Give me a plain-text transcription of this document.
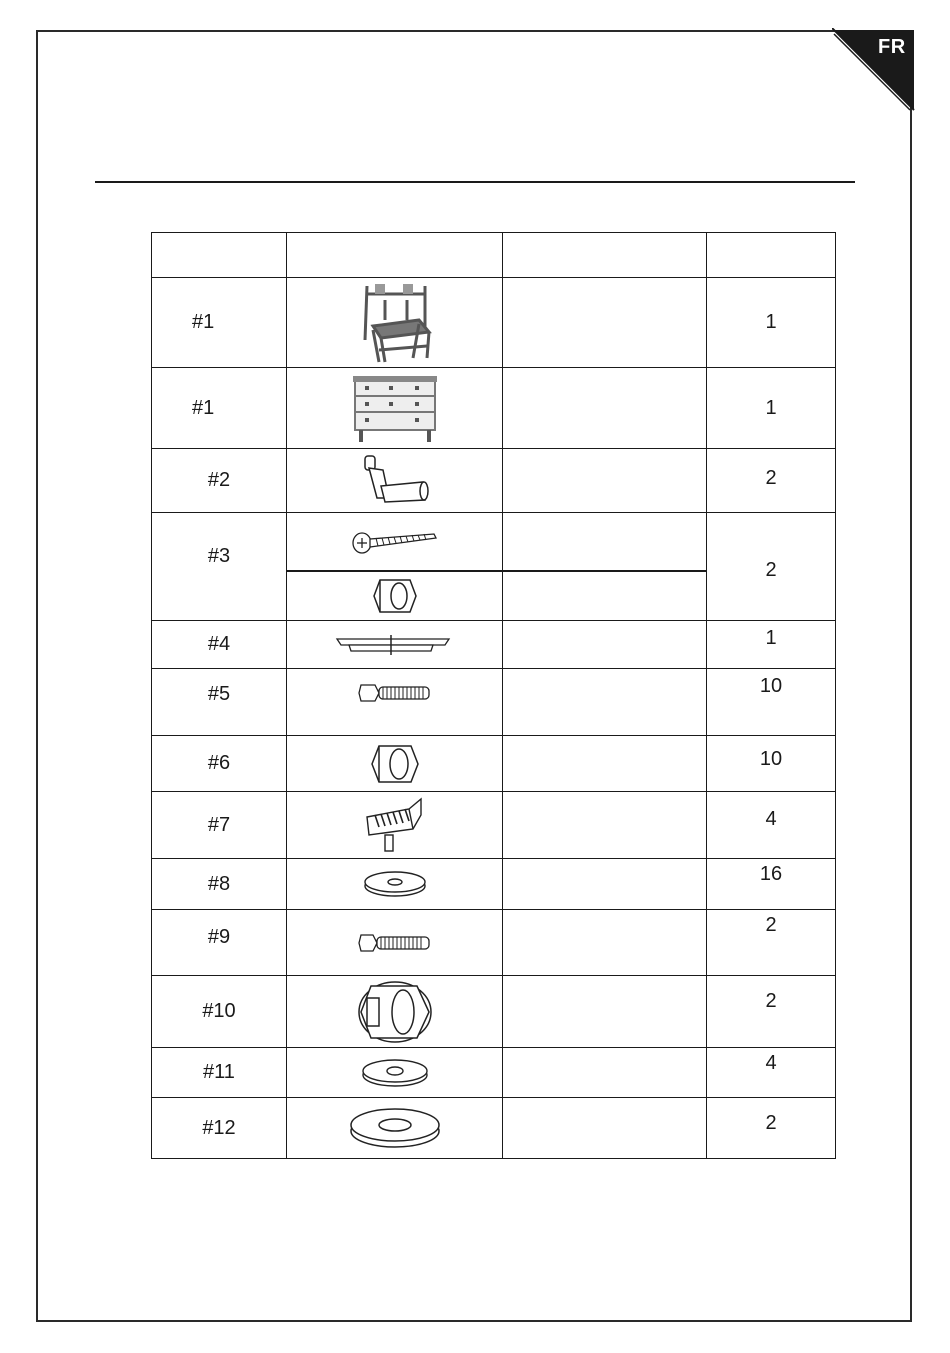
FR

#1			1
#1			1
#2			2
#3			2

#4			1
#5			10
#6			10
#7			4
#8			16
#9			2
#10			2
#11			4
#12			2
